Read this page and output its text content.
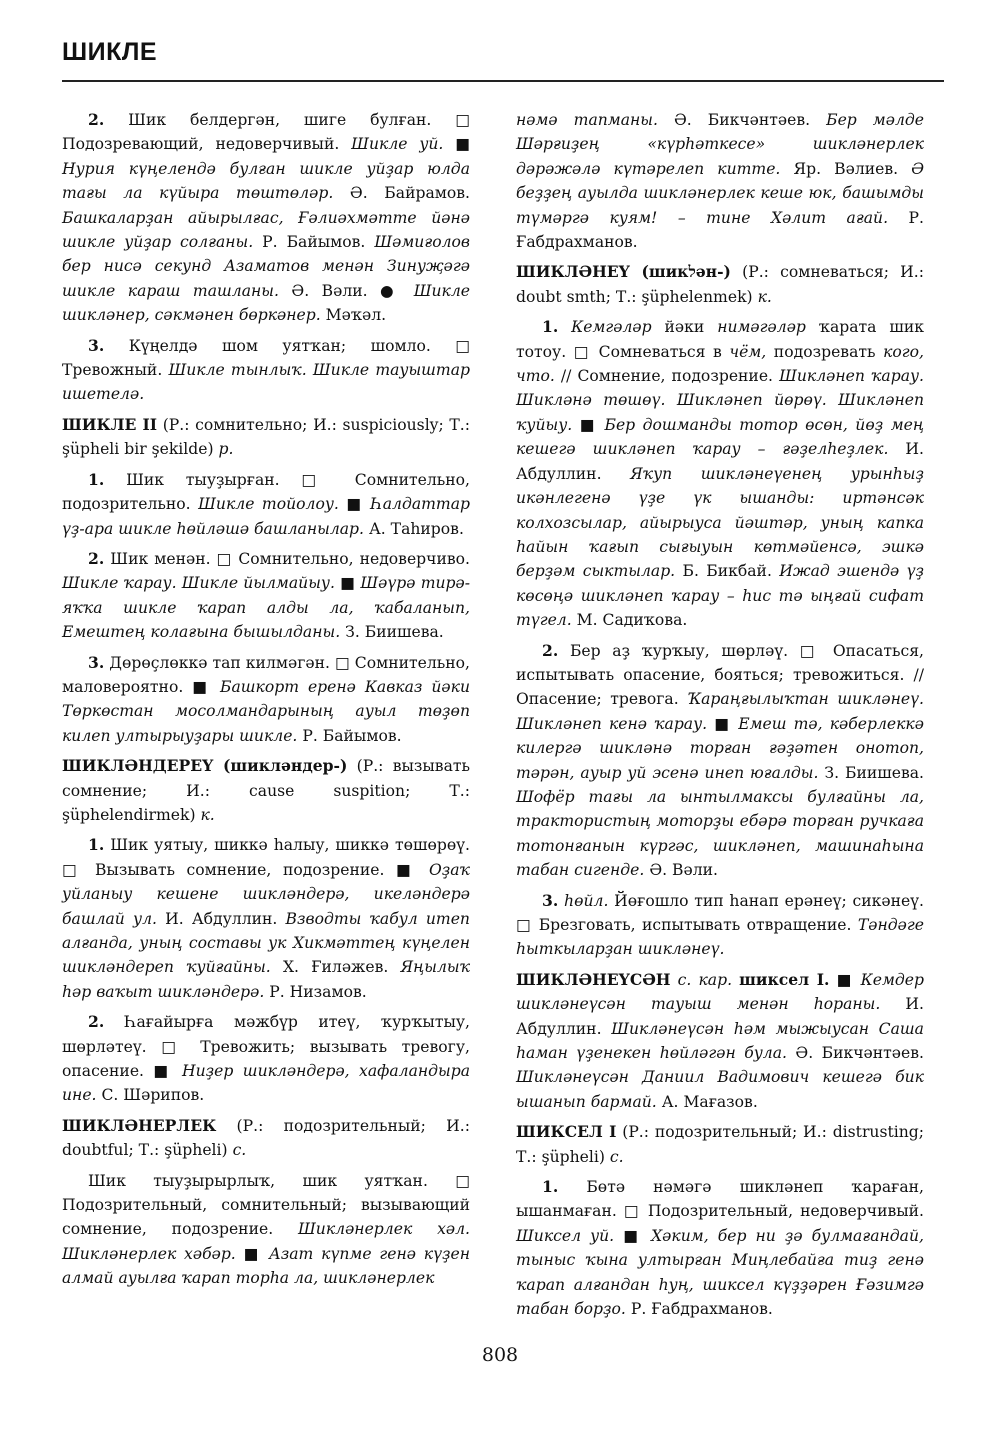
ШИКЛЕ

2. Шик белдергән, шиге булған. □ Подозревающий, недоверчивый. Шикле уй. ■ Нурия күңелендә булған шикле уйҙар юлда тағы ла күйыра төштөләр. Ә. Байрамов. Башкаларҙан айырылғас, Ғәлиәхмәтте йәнә шикле уйҙар солғаны. Р. Байымов. Шәмиғолов бер нисә секунд Азаматов менән Зинуҗәгә шикле караш ташланы. Ә. Вәли. ● Шикле шикләнер, сәкмәнен бөркәнер. Мәҡәл.

3. Күңелдә шом уятҡан; шомло. □ Тревожный. Шикле тынлыҡ. Шикле тауыштар ишетелә.

ШИКЛЕ II (Р.: сомнительно; И.: suspiciously; Т.: şüpheli bir şekilde) р.

1. Шик тыуҙырған. □ Сомнительно, подозрительно. Шикле тойолоу. ■ Һалдаттар үҙ-ара шикле һөйләшә башланылар. А. Таһиров.

2. Шик менән. □ Сомнительно, недоверчиво. Шикле ҡарау. Шикле йылмайыу. ■ Шәүрә тирә-яҡҡа шикле ҡарап алды ла, ҡабаланып, Емештең колағына бышылданы. З. Биишева.

3. Дөрөҫлөккә тап килмәгән. □ Сомнительно, маловероятно. ■ Башкорт еренә Кавказ йәки Төркөстан мосолмандарының ауыл төҙөп килеп ултырыуҙары шикле. Р. Байымов.

ШИКЛӘНДЕРЕҮ (шикләндер-) (Р.: вызывать сомнение; И.: cause suspition; Т.: şüphelendirmek) к.

1. Шик уятыу, шиккә һалыу, шиккә төшөрөү. □ Вызывать сомнение, подозрение. ■ Оҙаҡ уйланыу кешене шикләндерә, икеләндерә башлай ул. И. Абдуллин. Взводты ҡабул итеп алғанда, уның составы ук Хикмәттең күңелен шикләндереп ҡуйғайны. Х. Ғиләжев. Яңылыҡ һәр ваҡыт шикләндерә. Р. Низамов.

2. Һағайырға мәжбүр итеү, ҡурҡытыу, шөрләтеү. □ Тревожить; вызывать тревогу, опасение. ■ Ниҙер шикләндерә, хафаландыра ине. С. Шәрипов.

ШИКЛӘНЕРЛЕК (Р.: подозрительный; И.: doubtful; Т.: şüpheli) с.

Шик тыуҙырырлыҡ, шик уятҡан. □ Подозрительный, сомнительный; вызывающий сомнение, подозрение. Шикләнерлек хәл. Шикләнерлек хәбәр. ■ Азат күпме генә күҙен алмай ауылға ҡарап торһа ла, шикләнерлек

нәмә тапманы. Ә. Бикчәнтәев. Бер мәлде Шәрғиҙең «күрһәткесе» шикләнерлек дәрәжәлә күтәрелеп китте. Яр. Вәлиев. Ә беҙҙең ауылда шикләнерлек кеше юк, башымды түмәргә куям! – тине Хәлит ағай. Р. Ғабдрахманов.

ШИКЛӘНЕҮ (шикלән-) (Р.: сомневаться; И.: doubt smth; Т.: şüphelenmek) к.

1. Кемгәләр йәки нимәгәләр ҡарата шик тотоу. □ Сомневаться в чём, подозревать кого, что. // Сомнение, подозрение. Шикләнеп ҡарау. Шикләнә төшөү. Шикләнеп йөрөү. Шикләнеп ҡуйыу. ■ Бер дошманды тотор өсөн, йөҙ мең кешегә шикләнеп ҡарау – ғәҙелһеҙлек. И. Абдуллин. Яҡуп шикләнеүенең урынһыҙ икәнлегенә үҙе үк ышанды: иртәнсәк колхозсылар, айырыуса йәштәр, уның капка һайын ҡағып сығыуын көтмәйенсә, эшкә берҙәм сыктылар. Б. Бикбай. Ижад эшендә үҙ көсөңә шикләнеп ҡарау – һис тә ыңғай сифат түгел. М. Садиҡова.

2. Бер аҙ ҡурҡыу, шөрләү. □ Опасаться, испытывать опасение, бояться; тревожиться. // Опасение; тревога. Ҡараңғылыҡтан шикләнеү. Шикләнеп кенә ҡарау. ■ Емеш тә, кәберлеккә килергә шикләнә торған ғәҙәтен онотоп, тәрән, ауыр уй эсенә инеп юғалды. З. Биишева. Шофёр тағы ла ынтылмаксы булғайны ла, трактористың моторҙы ебәрә торған ручкаға тотонғанын күргәс, шикләнеп, машинаһына табан сигенде. Ә. Вәли.

3. һөйл. Йөғошло тип һанап ерәнеү; сикәнеү. □ Брезговать, испытывать отвращение. Тәндәге һыткыларҙан шикләнеү.

ШИКЛӘНЕҮСӘН с. кар. шиксел I. ■ Кемдер шикләнеүсән тауыш менән һораны. И. Абдуллин. Шикләнеүсән һәм мыжыусан Саша һаман үҙенекен һөйләгән була. Ә. Бикчәнтәев. Шикләнеүсән Даниил Вадимович кешегә бик ышанып бармай. А. Мағазов.

ШИКСЕЛ I (Р.: подозрительный; И.: distrusting; Т.: şüpheli) с.

1. Бөтә нәмәгә шикләнеп ҡараған, ышанмаған. □ Подозрительный, недоверчивый. Шиксел уй. ■ Хәким, бер ни ҙә булмағандай, тыныс ҡына ултырған Миңлебайға тиҙ генә ҡарап алғандан һуң, шиксел күҙҙәрен Ғәзимгә табан борҙо. Р. Ғабдрахманов.

808
